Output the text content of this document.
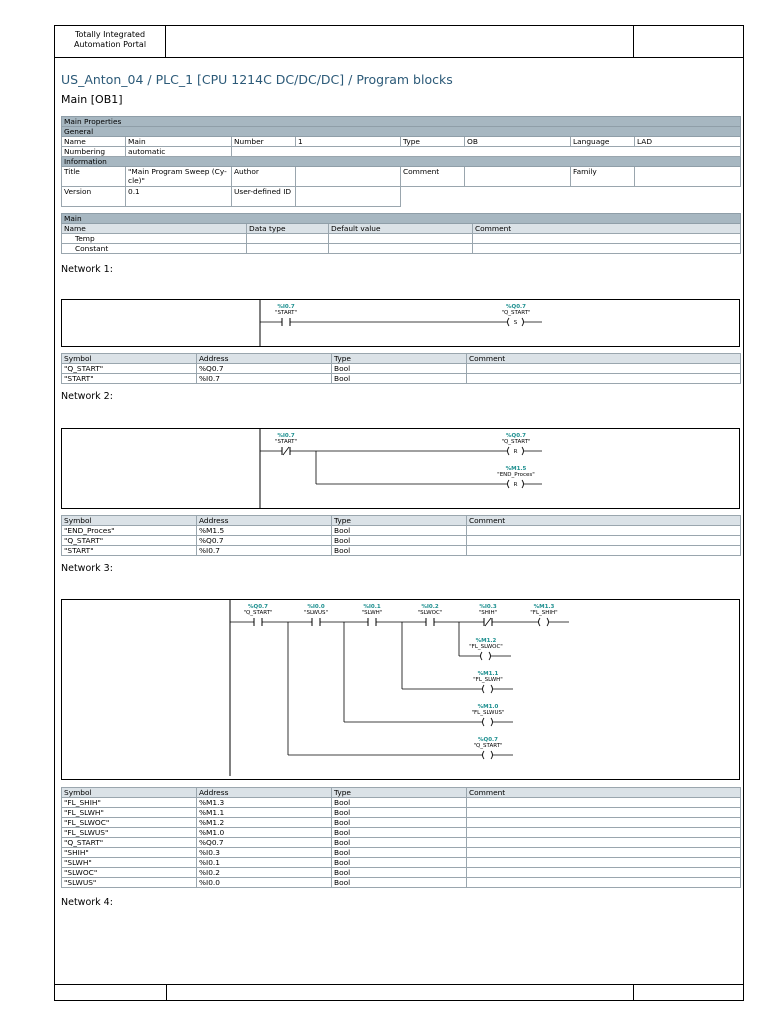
Totally Integrated
Automation Portal
US_Anton_04 / PLC_1 [CPU 1214C DC/DC/DC] / Program blocks
Main [OB1]
Main Properties							
General							
Name	Main	Number	1	Type	OB	Language	LAD
Numbering	automatic						
Information							
Title	"Main Program Sweep (Cy-cle)"	Author		Comment		Family	
Version	0.1	User-defined ID					
Main			
Name	Data type	Default value	Comment
Temp			
Constant			
Network 1:
%I0.7
"START"
S
%Q0.7
"Q_START"
Symbol	Address	Type	Comment
"Q_START"	%Q0.7	Bool	
"START"	%I0.7	Bool	
Network 2:
%I0.7
"START"
R
%Q0.7
"Q_START"
R
%M1.5
"END_Proces"
Symbol	Address	Type	Comment
"END_Proces"	%M1.5	Bool	
"Q_START"	%Q0.7	Bool	
"START"	%I0.7	Bool	
Network 3:
%Q0.7
"Q_START"
%I0.0
"SLWUS"
%I0.1
"SLWH"
%I0.2
"SLWOC"
%I0.3
"SHIH"
%M1.3
"FL_SHIH"
%M1.2
"FL_SLWOC"
%M1.1
"FL_SLWH"
%M1.0
"FL_SLWUS"
%Q0.7
"Q_START"
Symbol	Address	Type	Comment
"FL_SHIH"	%M1.3	Bool	
"FL_SLWH"	%M1.1	Bool	
"FL_SLWOC"	%M1.2	Bool	
"FL_SLWUS"	%M1.0	Bool	
"Q_START"	%Q0.7	Bool	
"SHIH"	%I0.3	Bool	
"SLWH"	%I0.1	Bool	
"SLWOC"	%I0.2	Bool	
"SLWUS"	%I0.0	Bool	
Network 4:
